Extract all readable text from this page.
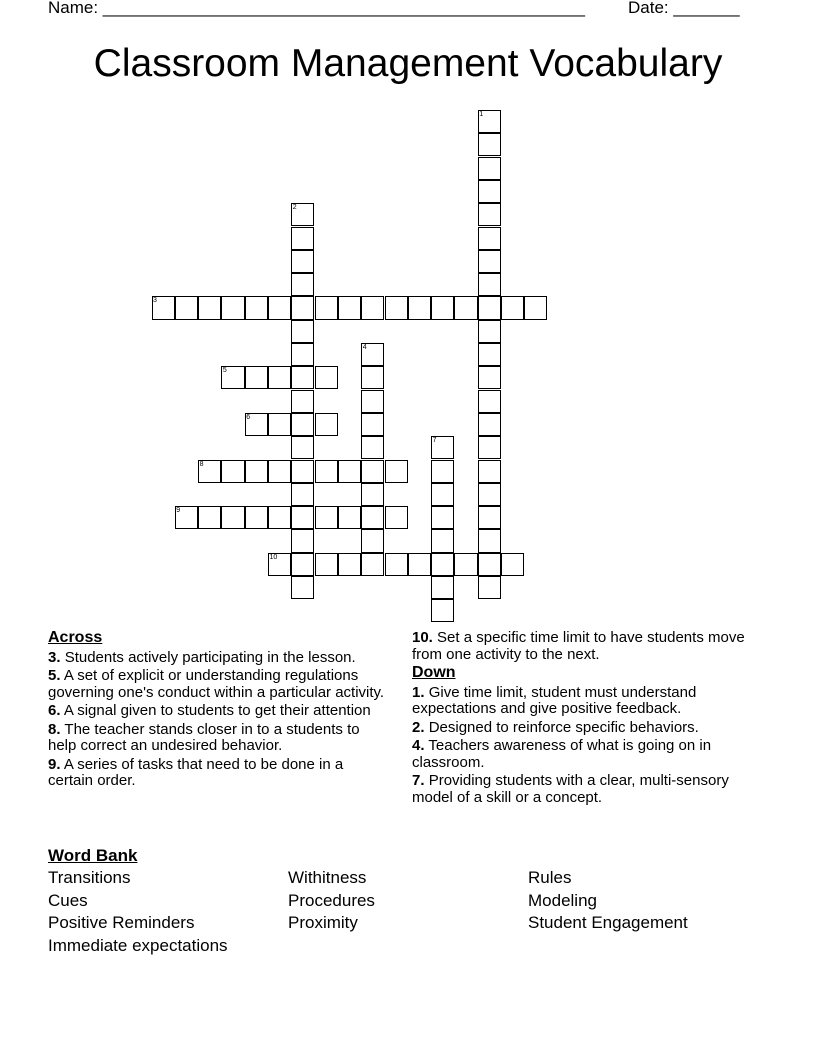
Name: ___________________________________________________	Date: _______
Classroom Management Vocabulary
1
2
3
4
5
6
7
8
9
10
Across
3. Students actively participating in the lesson.
5. A set of explicit or understanding regulations governing one's conduct within a particular activity.
6. A signal given to students to get their attention
8. The teacher stands closer in to a students to help correct an undesired behavior.
9. A series of tasks that need to be done in a certain order.
10. Set a specific time limit to have students move from one activity to the next.
Down
1. Give time limit, student must understand expectations and give positive feedback.
2. Designed to reinforce specific behaviors.
4. Teachers awareness of what is going on in classroom.
7. Providing students with a clear, multi-sensory model of a skill or a concept.
Word Bank
Transitions	Withitness	Rules
Cues	Procedures	Modeling
Positive Reminders	Proximity	Student Engagement
Immediate expectations
